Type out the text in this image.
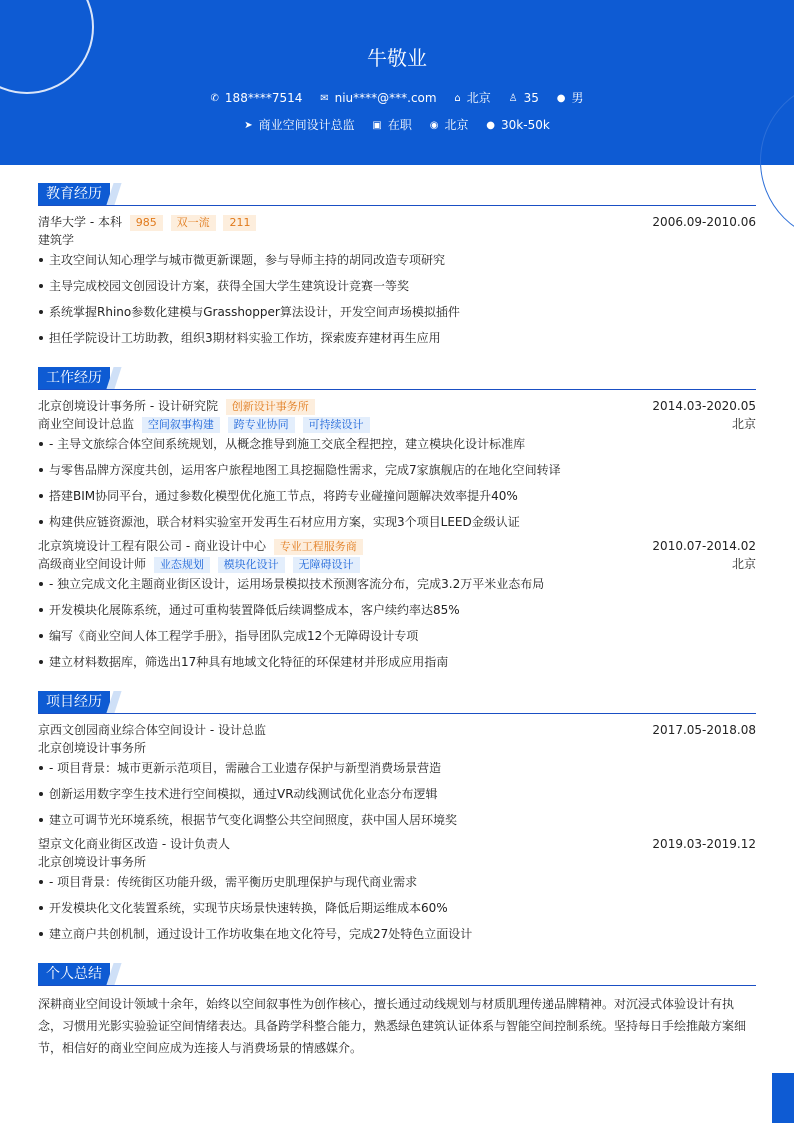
牛敬业
✆ 188****7514 ✉ niu****@***.com ⌂ 北京 ♙ 35 ● 男
➤ 商业空间设计总监 ▣ 在职 ◉ 北京 ● 30k-50k
教育经历
清华大学 - 本科 985 双一流 211	2006.09-2010.06
建筑学
主攻空间认知心理学与城市微更新课题，参与导师主持的胡同改造专项研究
主导完成校园文创园设计方案，获得全国大学生建筑设计竞赛一等奖
系统掌握Rhino参数化建模与Grasshopper算法设计，开发空间声场模拟插件
担任学院设计工坊助教，组织3期材料实验工作坊，探索废弃建材再生应用
工作经历
北京创境设计事务所 - 设计研究院 创新设计事务所	2014.03-2020.05
商业空间设计总监 空间叙事构建 跨专业协同 可持续设计	北京
- 主导文旅综合体空间系统规划，从概念推导到施工交底全程把控，建立模块化设计标准库
与零售品牌方深度共创，运用客户旅程地图工具挖掘隐性需求，完成7家旗舰店的在地化空间转译
搭建BIM协同平台，通过参数化模型优化施工节点，将跨专业碰撞问题解决效率提升40%
构建供应链资源池，联合材料实验室开发再生石材应用方案，实现3个项目LEED金级认证
北京筑境设计工程有限公司 - 商业设计中心 专业工程服务商	2010.07-2014.02
高级商业空间设计师 业态规划 模块化设计 无障碍设计	北京
- 独立完成文化主题商业街区设计，运用场景模拟技术预测客流分布，完成3.2万平米业态布局
开发模块化展陈系统，通过可重构装置降低后续调整成本，客户续约率达85%
编写《商业空间人体工程学手册》，指导团队完成12个无障碍设计专项
建立材料数据库，筛选出17种具有地域文化特征的环保建材并形成应用指南
项目经历
京西文创园商业综合体空间设计 - 设计总监	2017.05-2018.08
北京创境设计事务所
- 项目背景：城市更新示范项目，需融合工业遗存保护与新型消费场景营造
创新运用数字孪生技术进行空间模拟，通过VR动线测试优化业态分布逻辑
建立可调节光环境系统，根据节气变化调整公共空间照度，获中国人居环境奖
望京文化商业街区改造 - 设计负责人	2019.03-2019.12
北京创境设计事务所
- 项目背景：传统街区功能升级，需平衡历史肌理保护与现代商业需求
开发模块化文化装置系统，实现节庆场景快速转换，降低后期运维成本60%
建立商户共创机制，通过设计工作坊收集在地文化符号，完成27处特色立面设计
个人总结
深耕商业空间设计领域十余年，始终以空间叙事性为创作核心，擅长通过动线规划与材质肌理传递品牌精神。对沉浸式体验设计有执念，习惯用光影实验验证空间情绪表达。具备跨学科整合能力，熟悉绿色建筑认证体系与智能空间控制系统。坚持每日手绘推敲方案细节，相信好的商业空间应成为连接人与消费场景的情感媒介。
